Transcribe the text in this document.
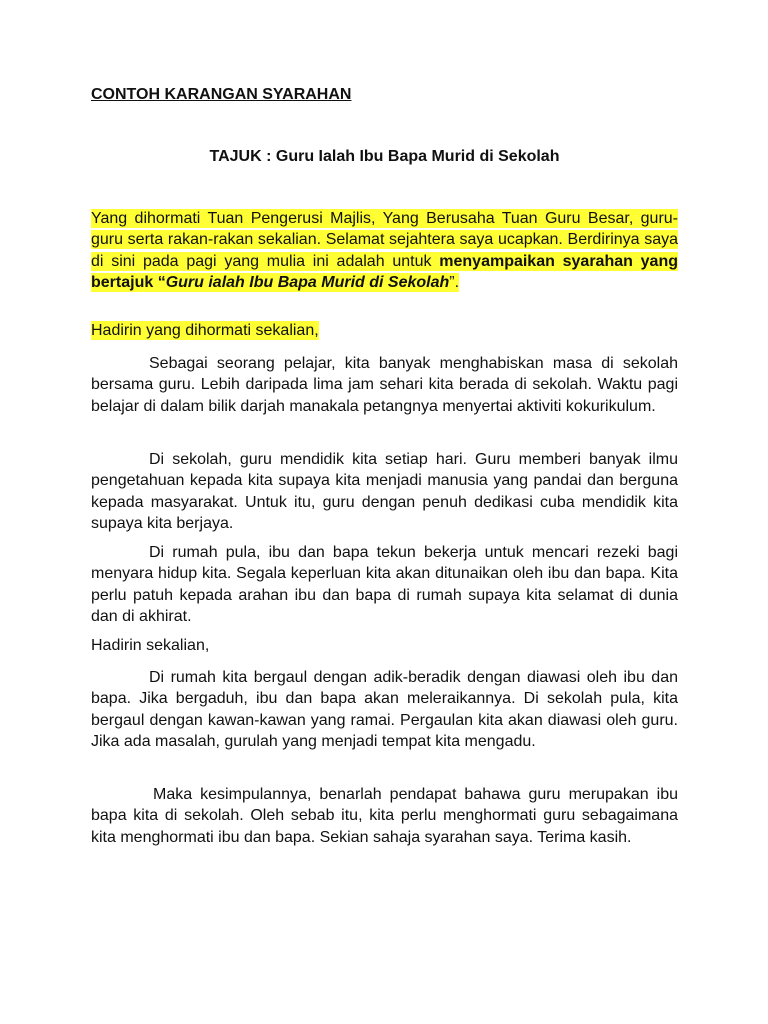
CONTOH KARANGAN SYARAHAN
TAJUK : Guru Ialah Ibu Bapa Murid di Sekolah

Yang dihormati Tuan Pengerusi Majlis, Yang Berusaha Tuan Guru Besar, guru-guru serta rakan-rakan sekalian. Selamat sejahtera saya ucapkan. Berdirinya saya di sini pada pagi yang mulia ini adalah untuk menyampaikan syarahan yang bertajuk “Guru ialah Ibu Bapa Murid di Sekolah”.

Hadirin yang dihormati sekalian,

Sebagai seorang pelajar, kita banyak menghabiskan masa di sekolah bersama guru. Lebih daripada lima jam sehari kita berada di sekolah. Waktu pagi belajar di dalam bilik darjah manakala petangnya menyertai aktiviti kokurikulum.

Di sekolah, guru mendidik kita setiap hari. Guru memberi banyak ilmu pengetahuan kepada kita supaya kita menjadi manusia yang pandai dan berguna kepada masyarakat. Untuk itu, guru dengan penuh dedikasi cuba mendidik kita supaya kita berjaya.

Di rumah pula, ibu dan bapa tekun bekerja untuk mencari rezeki bagi menyara hidup kita. Segala keperluan kita akan ditunaikan oleh ibu dan bapa. Kita perlu patuh kepada arahan ibu dan bapa di rumah supaya kita selamat di dunia dan di akhirat.

Hadirin sekalian,

Di rumah kita bergaul dengan adik-beradik dengan diawasi oleh ibu dan bapa. Jika bergaduh, ibu dan bapa akan meleraikannya. Di sekolah pula, kita bergaul dengan kawan-kawan yang ramai. Pergaulan kita akan diawasi oleh guru. Jika ada masalah, gurulah yang menjadi tempat kita mengadu.

Maka kesimpulannya, benarlah pendapat bahawa guru merupakan ibu bapa kita di sekolah. Oleh sebab itu, kita perlu menghormati guru sebagaimana kita menghormati ibu dan bapa. Sekian sahaja syarahan saya. Terima kasih.
